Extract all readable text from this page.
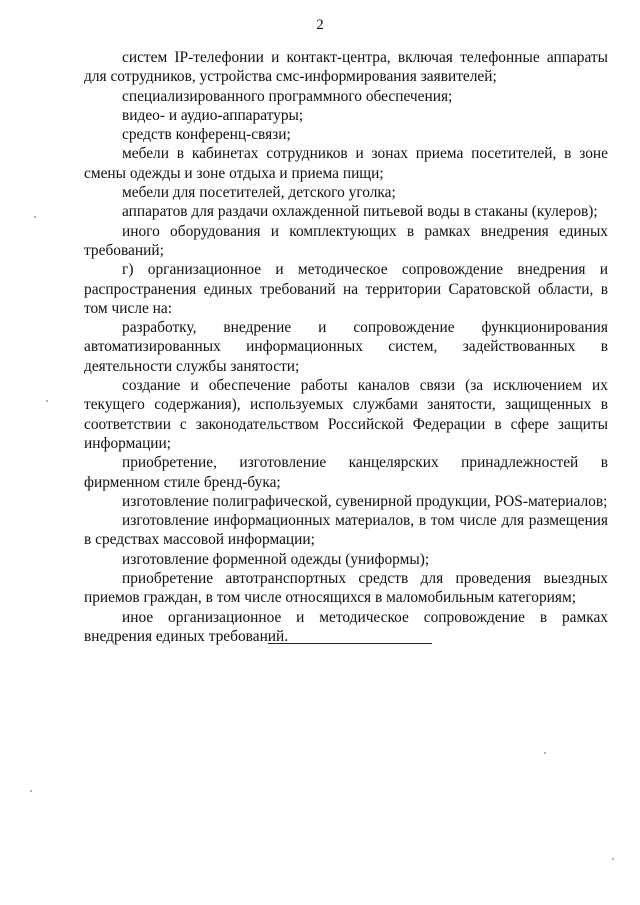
2

систем IP-телефонии и контакт-центра, включая телефонные аппараты для сотрудников, устройства смс-информирования заявителей;

специализированного программного обеспечения;

видео- и аудио-аппаратуры;

средств конференц-связи;

мебели в кабинетах сотрудников и зонах приема посетителей, в зоне смены одежды и зоне отдыха и приема пищи;

мебели для посетителей, детского уголка;

аппаратов для раздачи охлажденной питьевой воды в стаканы (кулеров);

иного оборудования и комплектующих в рамках внедрения единых требований;

г) организационное и методическое сопровождение внедрения и распространения единых требований на территории Саратовской области, в том числе на:

разработку, внедрение и сопровождение функционирования автоматизированных информационных систем, задействованных в деятельности службы занятости;

создание и обеспечение работы каналов связи (за исключением их текущего содержания), используемых службами занятости, защищенных в соответствии с законодательством Российской Федерации в сфере защиты информации;

приобретение, изготовление канцелярских принадлежностей в фирменном стиле бренд-бука;

изготовление полиграфической, сувенирной продукции, POS-материалов;

изготовление информационных материалов, в том числе для размещения в средствах массовой информации;

изготовление форменной одежды (униформы);

приобретение автотранспортных средств для проведения выездных приемов граждан, в том числе относящихся в маломобильным категориям;

иное организационное и методическое сопровождение в рамках внедрения единых требований.
